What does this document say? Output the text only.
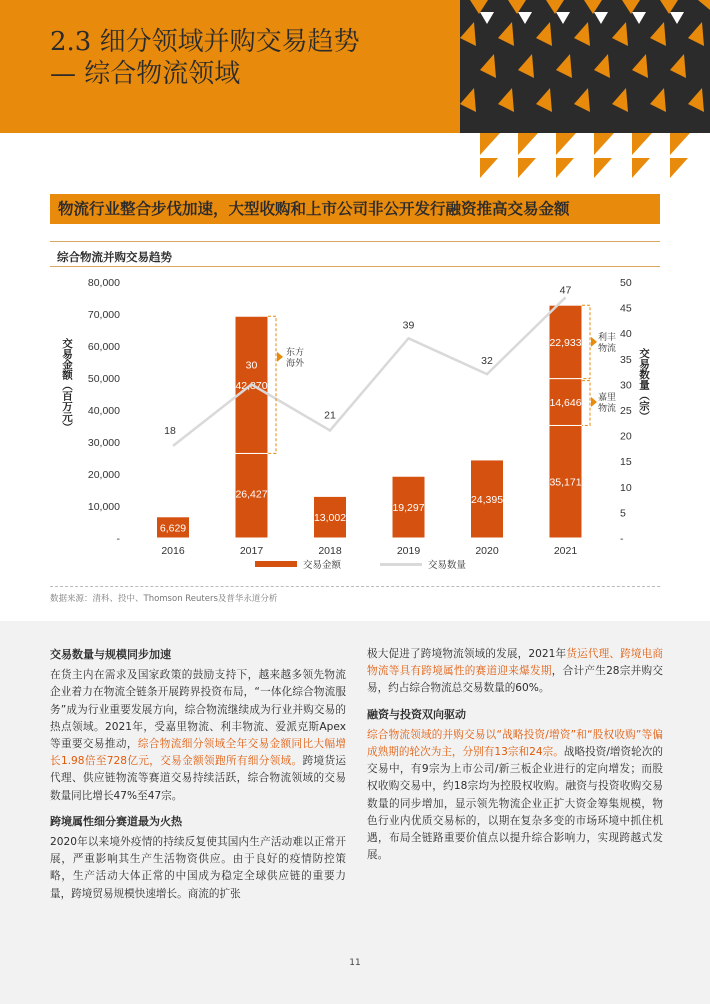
2.3 细分领域并购交易趋势
— 综合物流领域
物流行业整合步伐加速，大型收购和上市公司非公开发行融资推高交易金额
综合物流并购交易趋势
80,000
70,000
60,000
50,000
40,000
30,000
20,000
10,000
-
50
45
40
35
30
25
20
15
10
5
-
交易金额（百万元）	交易数量（宗）
6,629
2016
26,427
42,870
2017
13,002
2018
19,297
2019
24,395
2020
35,171
14,646
22,933
2021
18
30
21
39
32
47
东方
海外
利丰
物流
嘉里
物流
交易金额	交易数量
数据来源：清科、投中、Thomson Reuters及普华永道分析
交易数量与规模同步加速

在货主内在需求及国家政策的鼓励支持下，越来越多领先物流企业着力在物流全链条开展跨界投资布局，“一体化综合物流服务”成为行业重要发展方向，综合物流继续成为行业并购交易的热点领域。2021年，受嘉里物流、利丰物流、爱派克斯Apex等重要交易推动，综合物流细分领域全年交易金额同比大幅增长1.98倍至728亿元，交易金额领跑所有细分领域。跨境货运代理、供应链物流等赛道交易持续活跃，综合物流领域的交易数量同比增长47%至47宗。

跨境属性细分赛道最为火热

2020年以来境外疫情的持续反复使其国内生产活动难以正常开展，严重影响其生产生活物资供应。由于良好的疫情防控策略，生产活动大体正常的中国成为稳定全球供应链的重要力量，跨境贸易规模快速增长。商流的扩张

极大促进了跨境物流领域的发展，2021年货运代理、跨境电商物流等具有跨境属性的赛道迎来爆发期，合计产生28宗并购交易，约占综合物流总交易数量的60%。

融资与投资双向驱动

综合物流领域的并购交易以“战略投资/增资”和“股权收购”等偏成熟期的轮次为主，分别有13宗和24宗。战略投资/增资轮次的交易中，有9宗为上市公司/新三板企业进行的定向增发；而股权收购交易中，约18宗均为控股权收购。融资与投资收购交易数量的同步增加，显示领先物流企业正扩大资金筹集规模，物色行业内优质交易标的，以期在复杂多变的市场环境中抓住机遇，布局全链路重要价值点以提升综合影响力，实现跨越式发展。

11
